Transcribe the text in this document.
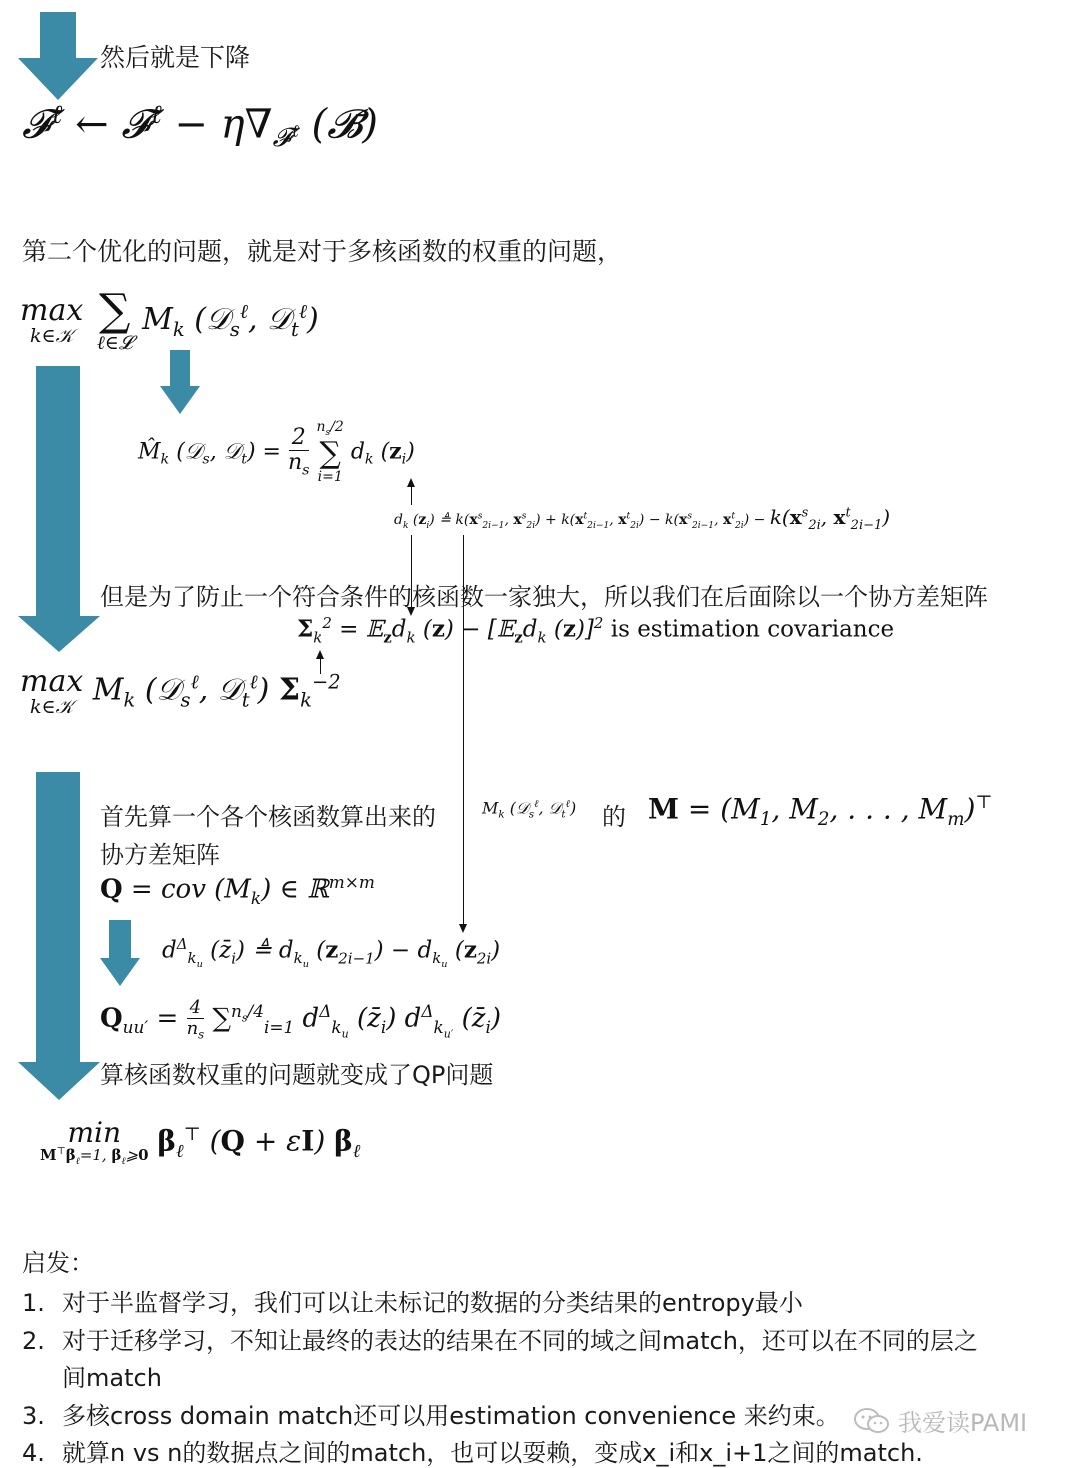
然后就是下降
𝓕$^\ell$ ← 𝓕$^\ell$ − $\eta\nabla_{𝓕^\ell}$ (𝓑̄)
第二个优化的问题，就是对于多核函数的权重的问题，
max
k∈𝒦
∑
ℓ∈𝓛
$M_k$ (𝒟$_s^\ell$, 𝒟$_t^\ell$)
$M̂_k$ (𝒟$_s$, 𝒟$_t$) = $\frac{2}{n_s}$
$n_s/2$
∑
i=1
$d_k$ $(z_i)$
$d_k$ $(z_i)$ ≜ $k(x^s_{2i-1}$, $x^s_{2i}) + k(x^t_{2i-1}$, $x^t_{2i}) - k(x^s_{2i-1}$, $x^t_{2i}) - k(x^s_{2i}$, $x^t_{2i-1}$)
但是为了防止一个符合条件的核函数一家独大，所以我们在后面除以一个协方差矩阵
$\Sigma_k^2$ = $𝔼_zd_k$ $(z) - [𝔼_zd_k$ (z)]$^2$ is estimation covariance
max
k∈𝒦 $M_k$ (𝒟$_s^\ell$, 𝒟$_t^\ell$) $\Sigma_k^{-2}$
首先算一个各个核函数算出来的	$M_k$ (𝒟$_s^\ell$, 𝒟$_t^\ell$) 的 $M = (M_1$, $M_2$, . . . , $M_m)^⊤$
协方差矩阵
Q = cov $(M_k)$ ∈ ℝ$^{m\times m}$
$d^\Delta_{k_u}$ $(z̄_i)$ ≜ $d_{k_u}$ $(z_{2i-1}) - d_{k_u}$ $(z_{2i})$
$Q_{uu'} = \frac{4}{n_s} \sum^{n_s/4}_{i=1}$ $d^\Delta_{k_u}$ $(z̄_i)$ $d^\Delta_{k_{u'}}$ $(z̄_i)$
算核函数权重的问题就变成了QP问题
min
$M^⊤\beta_\ell=1$, $\beta_\ell⩾0$ $\beta_\ell^⊤$ (Q + εI) $\beta_\ell$
启发：
1. 对于半监督学习，我们可以让未标记的数据的分类结果的entropy最小
2. 对于迁移学习，不知让最终的表达的结果在不同的域之间match，还可以在不同的层之
间match
3. 多核cross domain match还可以用estimation convenience 来约束。
4. 就算n vs n的数据点之间的match，也可以耍赖，变成x_i和x_i+1之间的match.
我爱读PAMI
